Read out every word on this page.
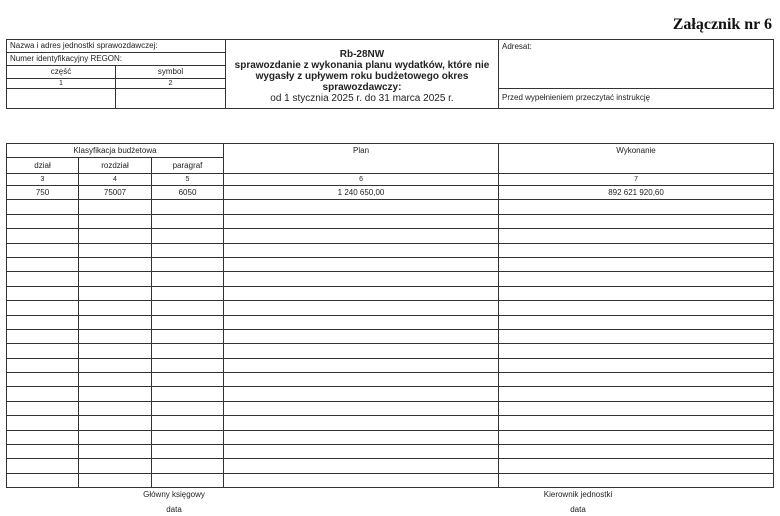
Załącznik nr 6
Nazwa i adres jednostki sprawozdawczej:		Rb-28NW
sprawozdanie z wykonania planu wydatków, które nie wygasły z upływem roku budżetowego okres sprawozdawczy:
od 1 stycznia 2025 r. do 31 marca 2025 r.	Adresat:
Numer identyfikacyjny REGON:			
część	symbol		
1	2		
			Przed wypełnieniem przeczytać instrukcję
Klasyfikacja budżetowa			Plan	Wykonanie
dział	rozdział	paragraf		
3	4	5	6	7
750	75007	6050	1 240 650,00	892 621 920,60

Główny księgowy
data
Kierownik jednostki
data
